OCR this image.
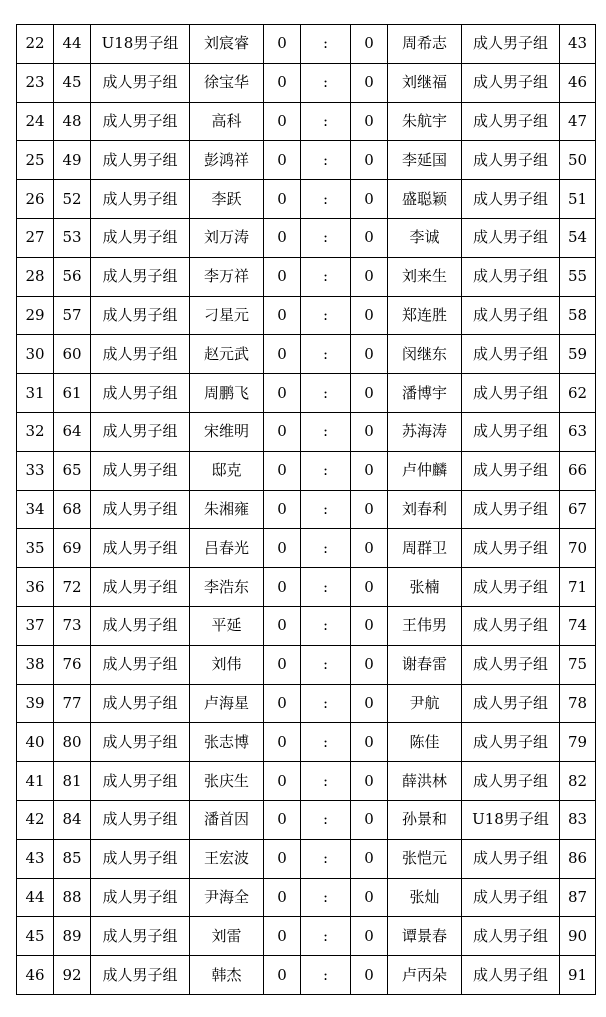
22	44	U18男子组	刘宸睿	0	:	0	周希志	成人男子组	43
23	45	成人男子组	徐宝华	0	:	0	刘继福	成人男子组	46
24	48	成人男子组	高科	0	:	0	朱航宇	成人男子组	47
25	49	成人男子组	彭鸿祥	0	:	0	李延国	成人男子组	50
26	52	成人男子组	李跃	0	:	0	盛聪颖	成人男子组	51
27	53	成人男子组	刘万涛	0	:	0	李诚	成人男子组	54
28	56	成人男子组	李万祥	0	:	0	刘来生	成人男子组	55
29	57	成人男子组	刁星元	0	:	0	郑连胜	成人男子组	58
30	60	成人男子组	赵元武	0	:	0	闵继东	成人男子组	59
31	61	成人男子组	周鹏飞	0	:	0	潘博宇	成人男子组	62
32	64	成人男子组	宋维明	0	:	0	苏海涛	成人男子组	63
33	65	成人男子组	邸克	0	:	0	卢仲麟	成人男子组	66
34	68	成人男子组	朱湘雍	0	:	0	刘春利	成人男子组	67
35	69	成人男子组	吕春光	0	:	0	周群卫	成人男子组	70
36	72	成人男子组	李浩东	0	:	0	张楠	成人男子组	71
37	73	成人男子组	平延	0	:	0	王伟男	成人男子组	74
38	76	成人男子组	刘伟	0	:	0	谢春雷	成人男子组	75
39	77	成人男子组	卢海星	0	:	0	尹航	成人男子组	78
40	80	成人男子组	张志博	0	:	0	陈佳	成人男子组	79
41	81	成人男子组	张庆生	0	:	0	薛洪林	成人男子组	82
42	84	成人男子组	潘首因	0	:	0	孙景和	U18男子组	83
43	85	成人男子组	王宏波	0	:	0	张恺元	成人男子组	86
44	88	成人男子组	尹海全	0	:	0	张灿	成人男子组	87
45	89	成人男子组	刘雷	0	:	0	谭景春	成人男子组	90
46	92	成人男子组	韩杰	0	:	0	卢丙朵	成人男子组	91
